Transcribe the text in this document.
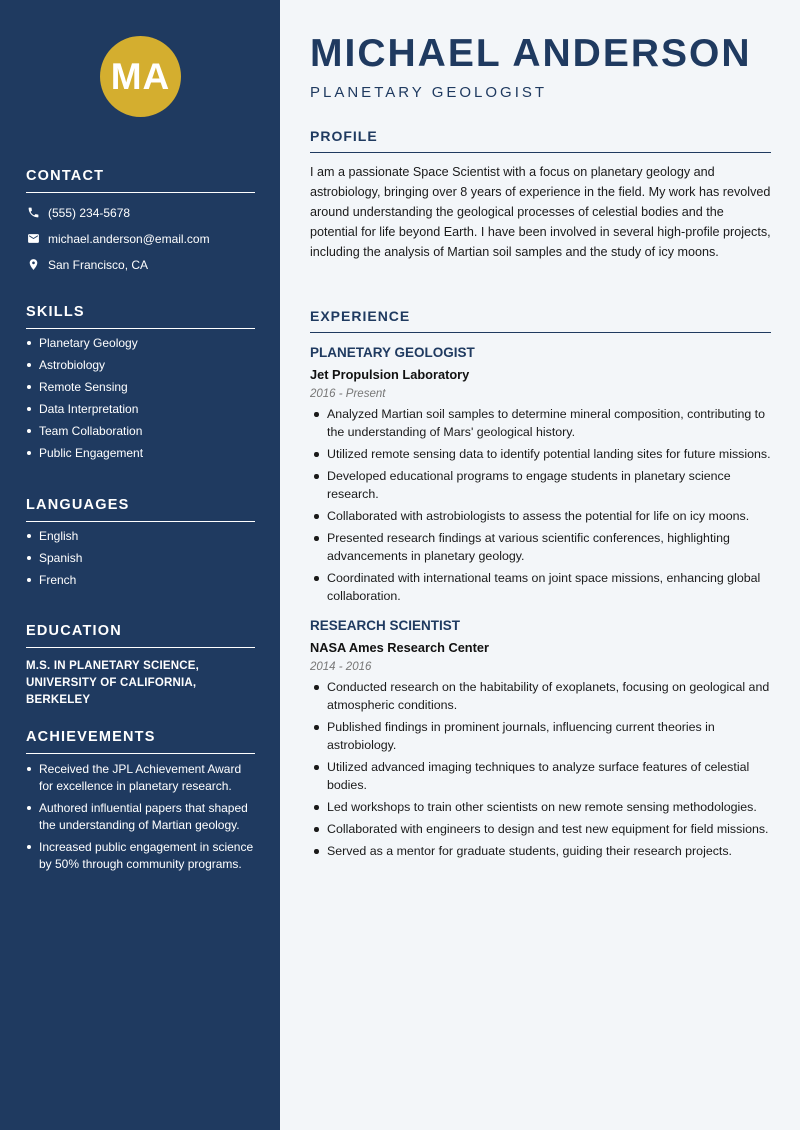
MA
CONTACT
(555) 234-5678
michael.anderson@email.com
San Francisco, CA
SKILLS
Planetary Geology
Astrobiology
Remote Sensing
Data Interpretation
Team Collaboration
Public Engagement
LANGUAGES
English
Spanish
French
EDUCATION
M.S. IN PLANETARY SCIENCE,
UNIVERSITY OF CALIFORNIA, BERKELEY
ACHIEVEMENTS
Received the JPL Achievement Award for excellence in planetary research.
Authored influential papers that shaped the understanding of Martian geology.
Increased public engagement in science by 50% through community programs.
MICHAEL ANDERSON
PLANETARY GEOLOGIST
PROFILE
I am a passionate Space Scientist with a focus on planetary geology and astrobiology, bringing over 8 years of experience in the field. My work has revolved around understanding the geological processes of celestial bodies and the potential for life beyond Earth. I have been involved in several high-profile projects, including the analysis of Martian soil samples and the study of icy moons.
EXPERIENCE
PLANETARY GEOLOGIST
Jet Propulsion Laboratory
2016 - Present
Analyzed Martian soil samples to determine mineral composition, contributing to the understanding of Mars' geological history.
Utilized remote sensing data to identify potential landing sites for future missions.
Developed educational programs to engage students in planetary science research.
Collaborated with astrobiologists to assess the potential for life on icy moons.
Presented research findings at various scientific conferences, highlighting advancements in planetary geology.
Coordinated with international teams on joint space missions, enhancing global collaboration.
RESEARCH SCIENTIST
NASA Ames Research Center
2014 - 2016
Conducted research on the habitability of exoplanets, focusing on geological and atmospheric conditions.
Published findings in prominent journals, influencing current theories in astrobiology.
Utilized advanced imaging techniques to analyze surface features of celestial bodies.
Led workshops to train other scientists on new remote sensing methodologies.
Collaborated with engineers to design and test new equipment for field missions.
Served as a mentor for graduate students, guiding their research projects.
